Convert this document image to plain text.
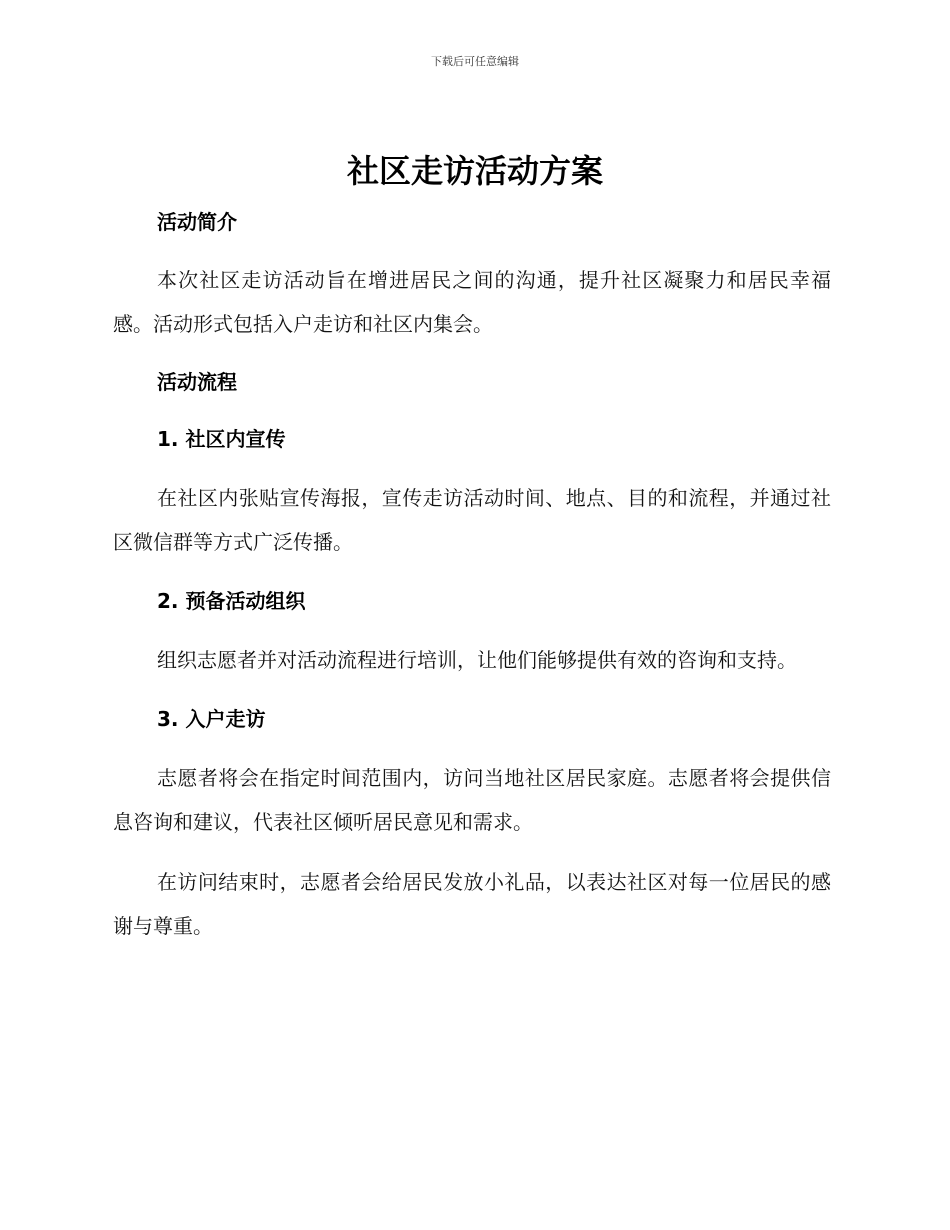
下载后可任意编辑
社区走访活动方案
活动简介

本次社区走访活动旨在增进居民之间的沟通，提升社区凝聚力和居民幸福感。活动形式包括入户走访和社区内集会。

活动流程
1. 社区内宣传

在社区内张贴宣传海报，宣传走访活动时间、地点、目的和流程，并通过社区微信群等方式广泛传播。

2. 预备活动组织

组织志愿者并对活动流程进行培训，让他们能够提供有效的咨询和支持。

3. 入户走访

志愿者将会在指定时间范围内，访问当地社区居民家庭。志愿者将会提供信息咨询和建议，代表社区倾听居民意见和需求。

在访问结束时，志愿者会给居民发放小礼品，以表达社区对每一位居民的感谢与尊重。
